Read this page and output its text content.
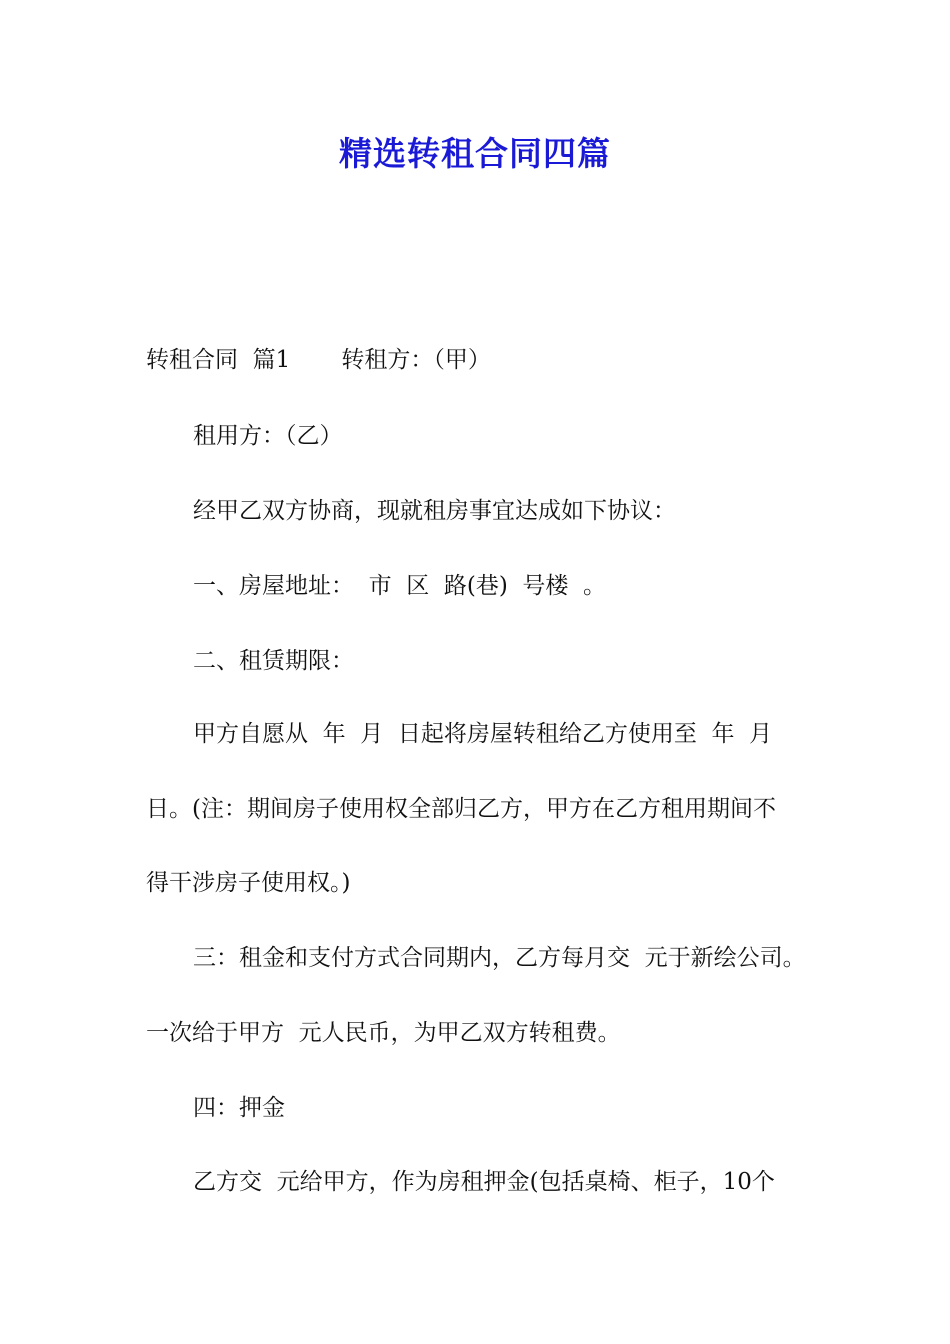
精选转租合同四篇

转租合同  篇1       转租方：（甲）

租用方：（乙）

经甲乙双方协商，现就租房事宜达成如下协议：

一、房屋地址：  市  区  路(巷)  号楼  。

二、租赁期限：

甲方自愿从  年  月  日起将房屋转租给乙方使用至  年  月

日。(注：期间房子使用权全部归乙方，甲方在乙方租用期间不

得干涉房子使用权。)

三：租金和支付方式合同期内，乙方每月交  元于新绘公司。

一次给于甲方  元人民币，为甲乙双方转租费。

四：押金

乙方交  元给甲方，作为房租押金(包括桌椅、柜子，10个
